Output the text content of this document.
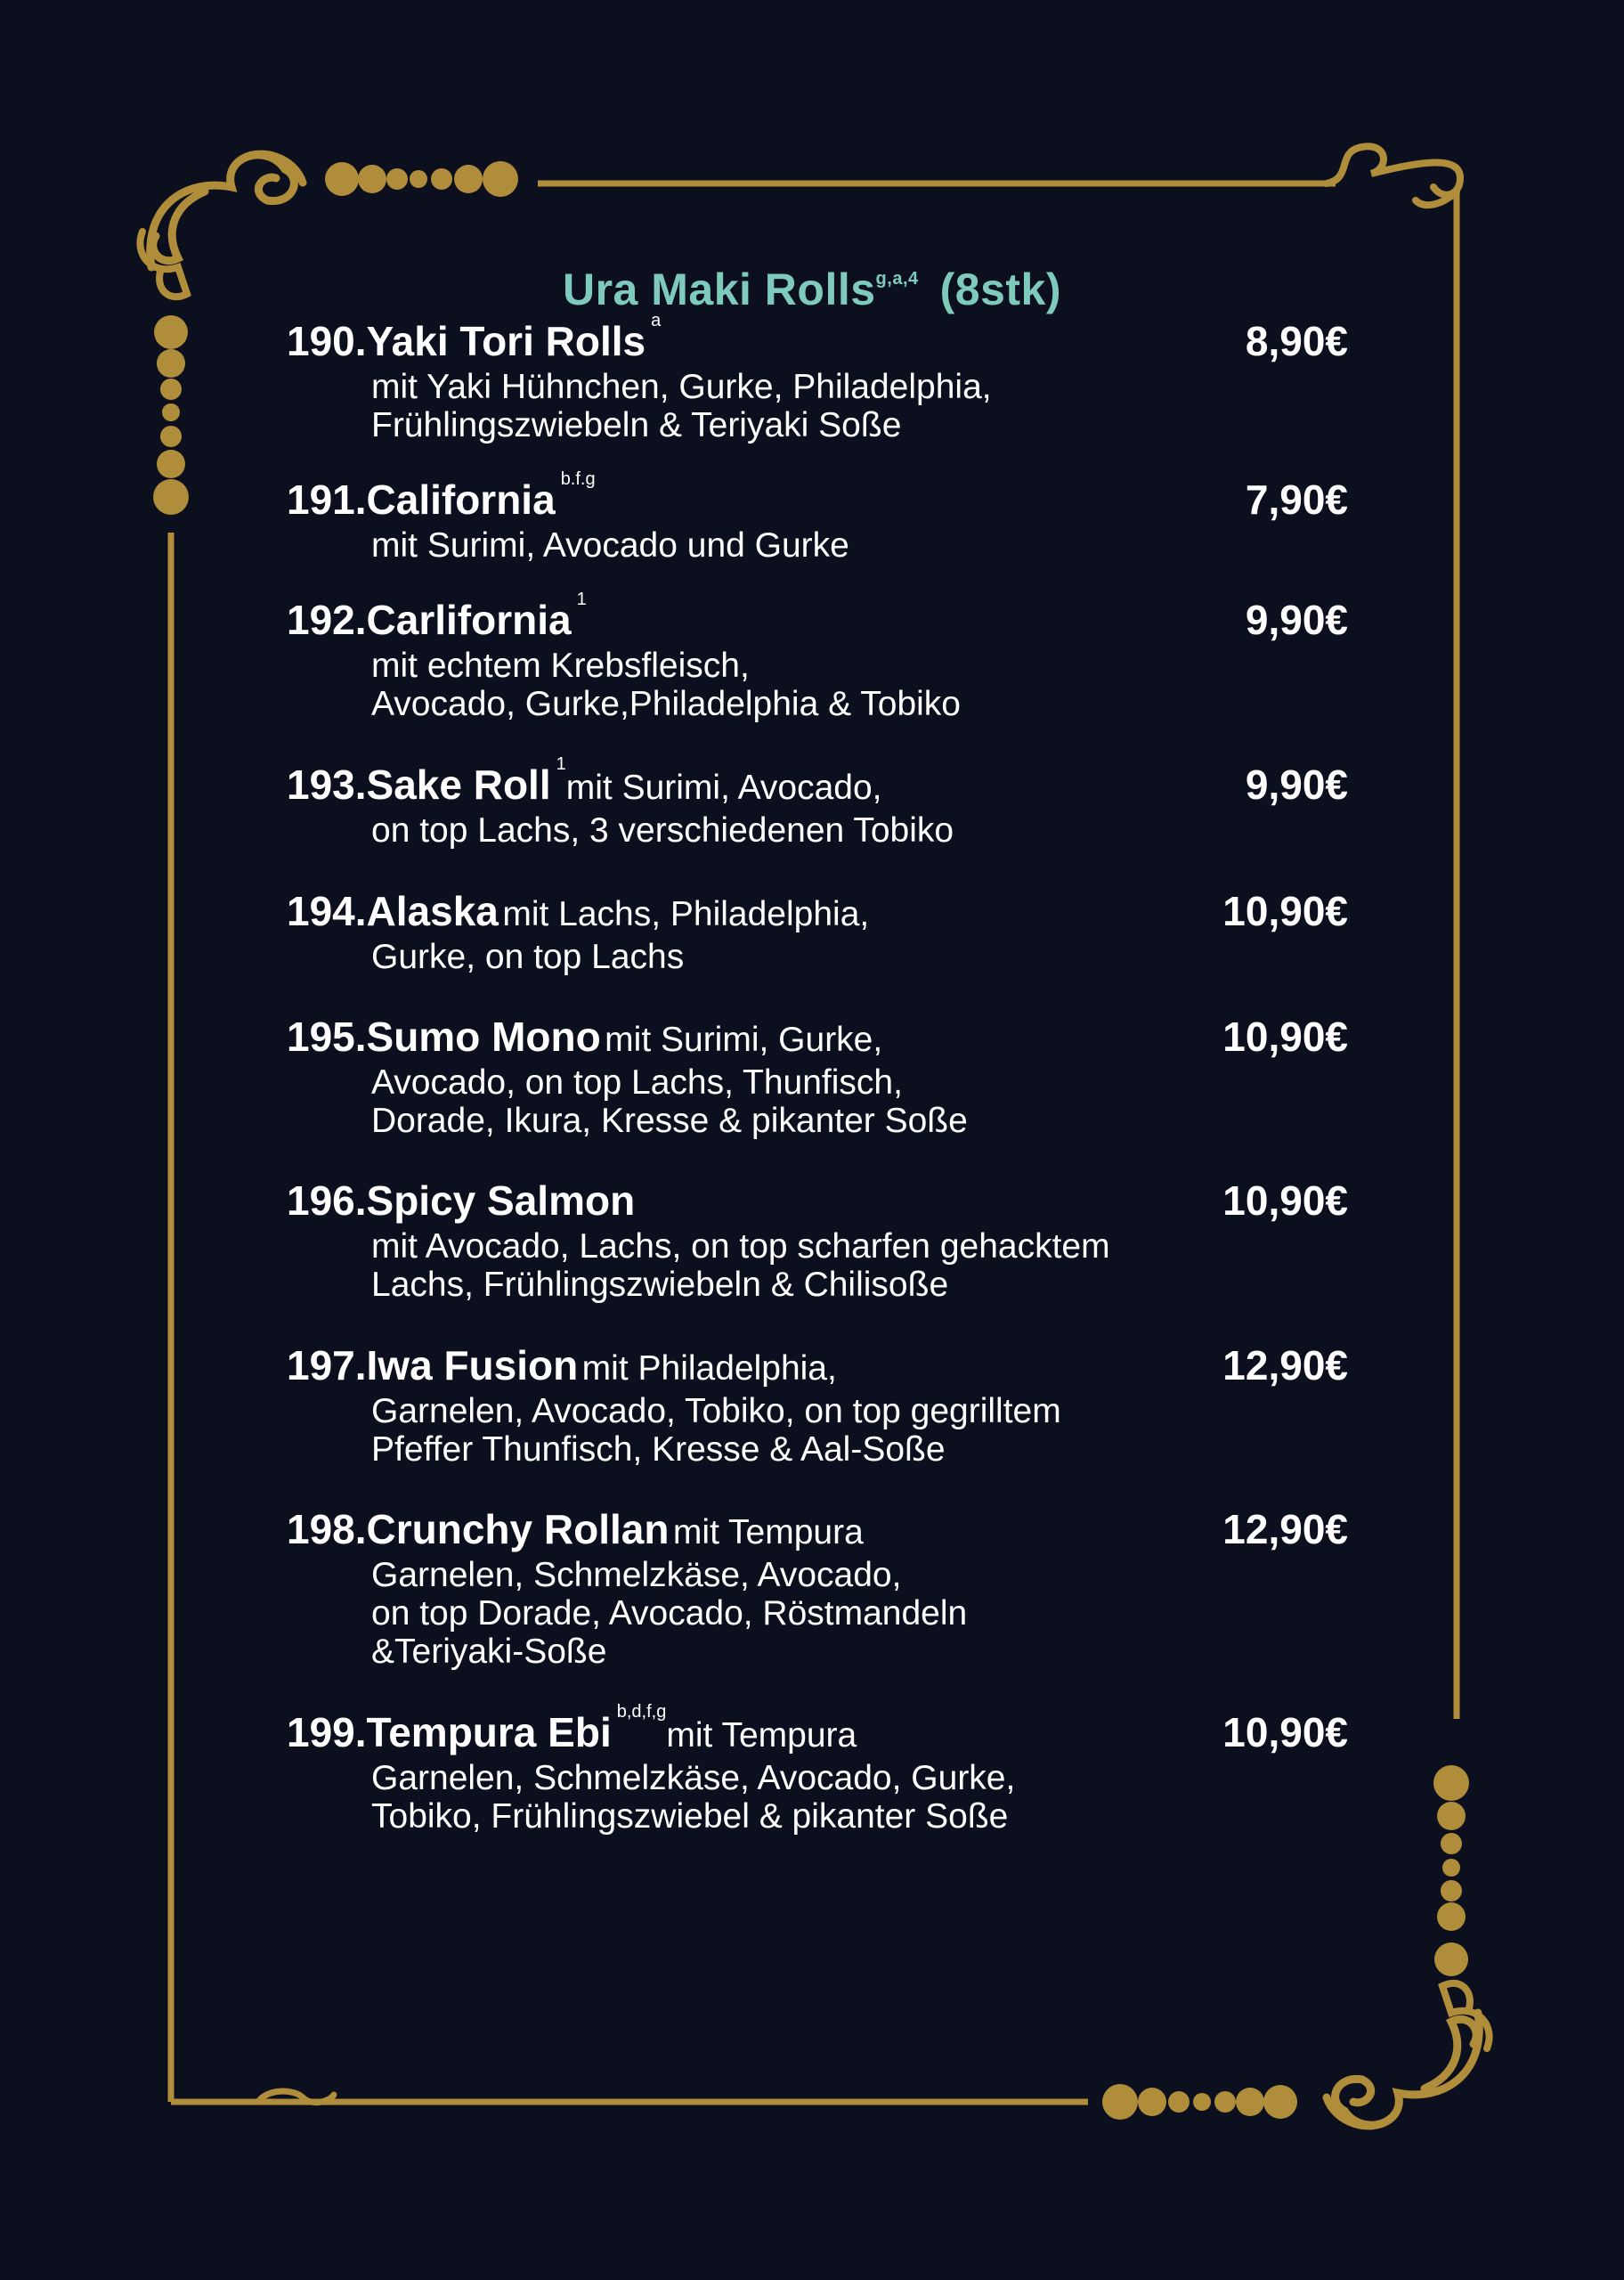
Ura Maki Rolls$^{g,a,4}$ (8stk)
190.Yaki Tori Rolls a	8,90€
mit Yaki Hühnchen, Gurke, Philadelphia,
Frühlingszwiebeln & Teriyaki Soße
191.California b.f.g	7,90€
mit Surimi, Avocado und Gurke
192.Carlifornia 1	9,90€
mit echtem Krebsfleisch,
Avocado, Gurke,Philadelphia & Tobiko
193.Sake Roll 1mit Surimi, Avocado,	9,90€
on top Lachs, 3 verschiedenen Tobiko
194.Alaska mit Lachs, Philadelphia,	10,90€
Gurke, on top Lachs
195.Sumo Mono mit Surimi, Gurke,	10,90€
Avocado, on top Lachs, Thunfisch,
Dorade, Ikura, Kresse & pikanter Soße
196.Spicy Salmon	10,90€
mit Avocado, Lachs, on top scharfen gehacktem
Lachs, Frühlingszwiebeln & Chilisoße
197.Iwa Fusion mit Philadelphia,	12,90€
Garnelen, Avocado, Tobiko, on top gegrilltem
Pfeffer Thunfisch, Kresse & Aal-Soße
198.Crunchy Rollan mit Tempura	12,90€
Garnelen, Schmelzkäse, Avocado,
on top Dorade, Avocado, Röstmandeln
&Teriyaki-Soße
199.Tempura Ebi b,d,f,gmit Tempura	10,90€
Garnelen, Schmelzkäse, Avocado, Gurke,
Tobiko, Frühlingszwiebel & pikanter Soße
